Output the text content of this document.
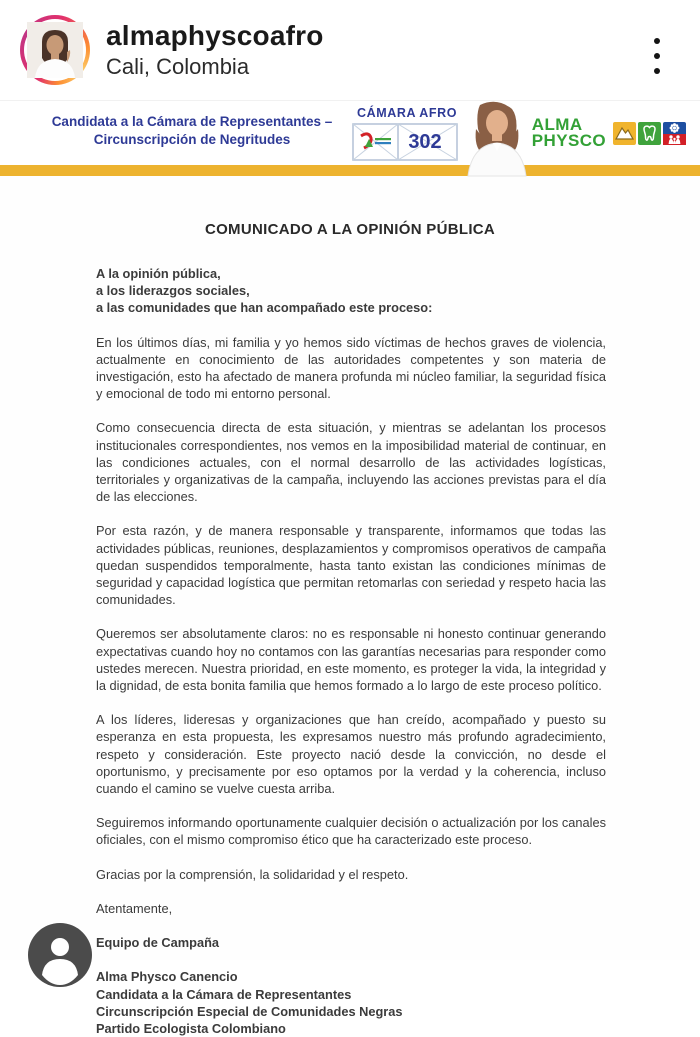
almaphyscoafro
Cali, Colombia
Candidata a la Cámara de Representantes –
Circunscripción de Negritudes
CÁMARA AFRO
302
ALMA
PHYSCO
COMUNICADO A LA OPINIÓN PÚBLICA
A la opinión pública,
a los liderazgos sociales,
a las comunidades que han acompañado este proceso:

En los últimos días, mi familia y yo hemos sido víctimas de hechos graves de violencia, actualmente en conocimiento de las autoridades competentes y son materia de investigación, esto ha afectado de manera profunda mi núcleo familiar, la seguridad física y emocional de todo mi entorno personal.

Como consecuencia directa de esta situación, y mientras se adelantan los procesos institucionales correspondientes, nos vemos en la imposibilidad material de continuar, en las condiciones actuales, con el normal desarrollo de las actividades logísticas, territoriales y organizativas de la campaña, incluyendo las acciones previstas para el día de las elecciones.

Por esta razón, y de manera responsable y transparente, informamos que todas las actividades públicas, reuniones, desplazamientos y compromisos operativos de campaña quedan suspendidos temporalmente, hasta tanto existan las condiciones mínimas de seguridad y capacidad logística que permitan retomarlas con seriedad y respeto hacia las comunidades.

Queremos ser absolutamente claros: no es responsable ni honesto continuar generando expectativas cuando hoy no contamos con las garantías necesarias para responder como ustedes merecen. Nuestra prioridad, en este momento, es proteger la vida, la integridad y la dignidad, de esta bonita familia que hemos formado a lo largo de este proceso político.

A los líderes, lideresas y organizaciones que han creído, acompañado y puesto su esperanza en esta propuesta, les expresamos nuestro más profundo agradecimiento, respeto y consideración. Este proyecto nació desde la convicción, no desde el oportunismo, y precisamente por eso optamos por la verdad y la coherencia, incluso cuando el camino se vuelve cuesta arriba.

Seguiremos informando oportunamente cualquier decisión o actualización por los canales oficiales, con el mismo compromiso ético que ha caracterizado este proceso.

Gracias por la comprensión, la solidaridad y el respeto.

Atentamente,

Equipo de Campaña

Alma Physco Canencio
Candidata a la Cámara de Representantes
Circunscripción Especial de Comunidades Negras
Partido Ecologista Colombiano
